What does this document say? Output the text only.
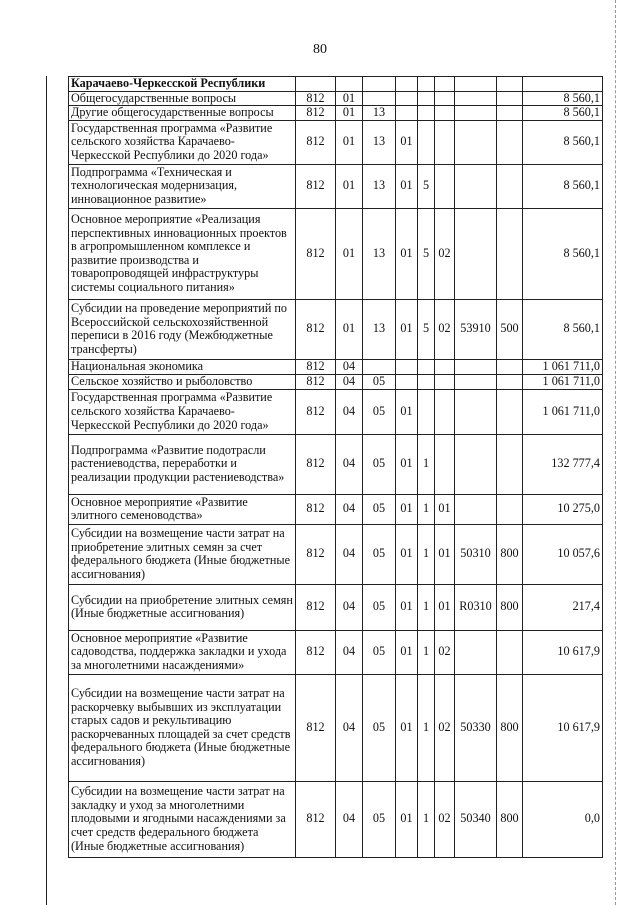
80
Карачаево-Черкесской Республики									
Общегосударственные вопросы	812	01							8 560,1
Другие общегосударственные вопросы	812	01	13						8 560,1
Государственная программа «Развитие сельского хозяйства Карачаево-Черкесской Республики до 2020 года»	812	01	13	01					8 560,1
Подпрограмма «Техническая и технологическая модернизация, инновационное развитие»	812	01	13	01	5				8 560,1
Основное мероприятие «Реализация перспективных инновационных проектов в агропромышленном комплексе и развитие производства и товаропроводящей инфраструктуры системы социального питания»	812	01	13	01	5	02			8 560,1
Субсидии на проведение мероприятий по Всероссийской сельскохозяйственной переписи в 2016 году (Межбюджетные трансферты)	812	01	13	01	5	02	53910	500	8 560,1
Национальная экономика	812	04							1 061 711,0
Сельское хозяйство и рыболовство	812	04	05						1 061 711,0
Государственная программа «Развитие сельского хозяйства Карачаево-Черкесской Республики до 2020 года»	812	04	05	01					1 061 711,0
Подпрограмма «Развитие подотрасли растениеводства, переработки и реализации продукции растениеводства»	812	04	05	01	1				132 777,4
Основное мероприятие «Развитие элитного семеноводства»	812	04	05	01	1	01			10 275,0
Субсидии на возмещение части затрат на приобретение элитных семян за счет федерального бюджета (Иные бюджетные ассигнования)	812	04	05	01	1	01	50310	800	10 057,6
Субсидии на приобретение элитных семян (Иные бюджетные ассигнования)	812	04	05	01	1	01	R0310	800	217,4
Основное мероприятие «Развитие садоводства, поддержка закладки и ухода за многолетними насаждениями»	812	04	05	01	1	02			10 617,9
Субсидии на возмещение части затрат на раскорчевку выбывших из эксплуатации старых садов и рекультивацию раскорчеванных площадей за счет средств федерального бюджета (Иные бюджетные ассигнования)	812	04	05	01	1	02	50330	800	10 617,9
Субсидии на возмещение части затрат на закладку и уход за многолетними плодовыми и ягодными насаждениями за счет средств федерального бюджета (Иные бюджетные ассигнования)	812	04	05	01	1	02	50340	800	0,0
